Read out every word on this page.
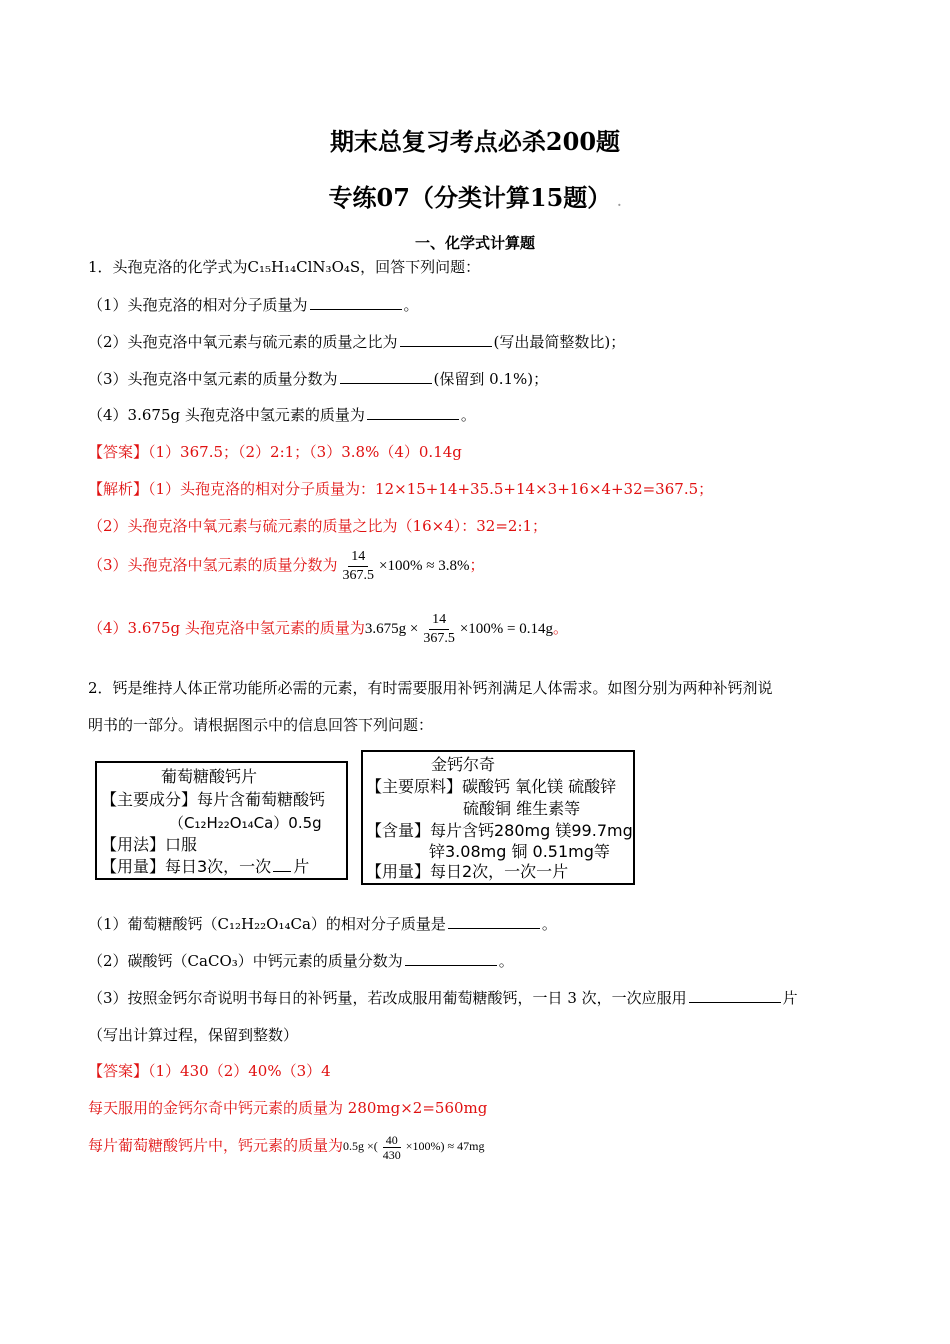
期末总复习考点必杀200题
专练07（分类计算15题） .
一、化学式计算题
1．头孢克洛的化学式为C₁₅H₁₄ClN₃O₄S，回答下列问题：
（1）头孢克洛的相对分子质量为	。
（2）头孢克洛中氧元素与硫元素的质量之比为	(写出最简整数比)；
（3）头孢克洛中氢元素的质量分数为	(保留到 0.1%)；
（4）3.675g 头孢克洛中氢元素的质量为	。
【答案】（1）367.5；（2）2:1；（3）3.8%（4）0.14g
【解析】（1）头孢克洛的相对分子质量为：12×15+14+35.5+14×3+16×4+32=367.5；
（2）头孢克洛中氧元素与硫元素的质量之比为（16×4）：32=2:1；
（3）头孢克洛中氢元素的质量分数为 $\frac{14}{367.5} \times 100\% \approx 3.8\%$；
（4）3.675g 头孢克洛中氢元素的质量为$3.675g \times \frac{14}{367.5} \times 100\% = 0.14g$。
2．钙是维持人体正常功能所必需的元素，有时需要服用补钙剂满足人体需求。如图分别为两种补钙剂说
明书的一部分。请根据图示中的信息回答下列问题：
葡萄糖酸钙片
【主要成分】每片含葡萄糖酸钙
（C₁₂H₂₂O₁₄Ca）0.5g
【用法】口服
【用量】每日3次，一次 片
金钙尔奇
【主要原料】碳酸钙 氧化镁 硫酸锌
硫酸铜 维生素等
【含量】每片含钙280mg 镁99.7mg
锌3.08mg 铜 0.51mg等
【用量】每日2次，一次一片
（1）葡萄糖酸钙（C₁₂H₂₂O₁₄Ca）的相对分子质量是	。
（2）碳酸钙（CaCO₃）中钙元素的质量分数为	。
（3）按照金钙尔奇说明书每日的补钙量，若改成服用葡萄糖酸钙，一日 3 次，一次应服用	片
（写出计算过程，保留到整数）
【答案】（1）430（2）40%（3）4
每天服用的金钙尔奇中钙元素的质量为 280mg×2=560mg
每片葡萄糖酸钙片中，钙元素的质量为0.5g ×( $\frac{40}{430} \times 100\%) \approx 47mg$
